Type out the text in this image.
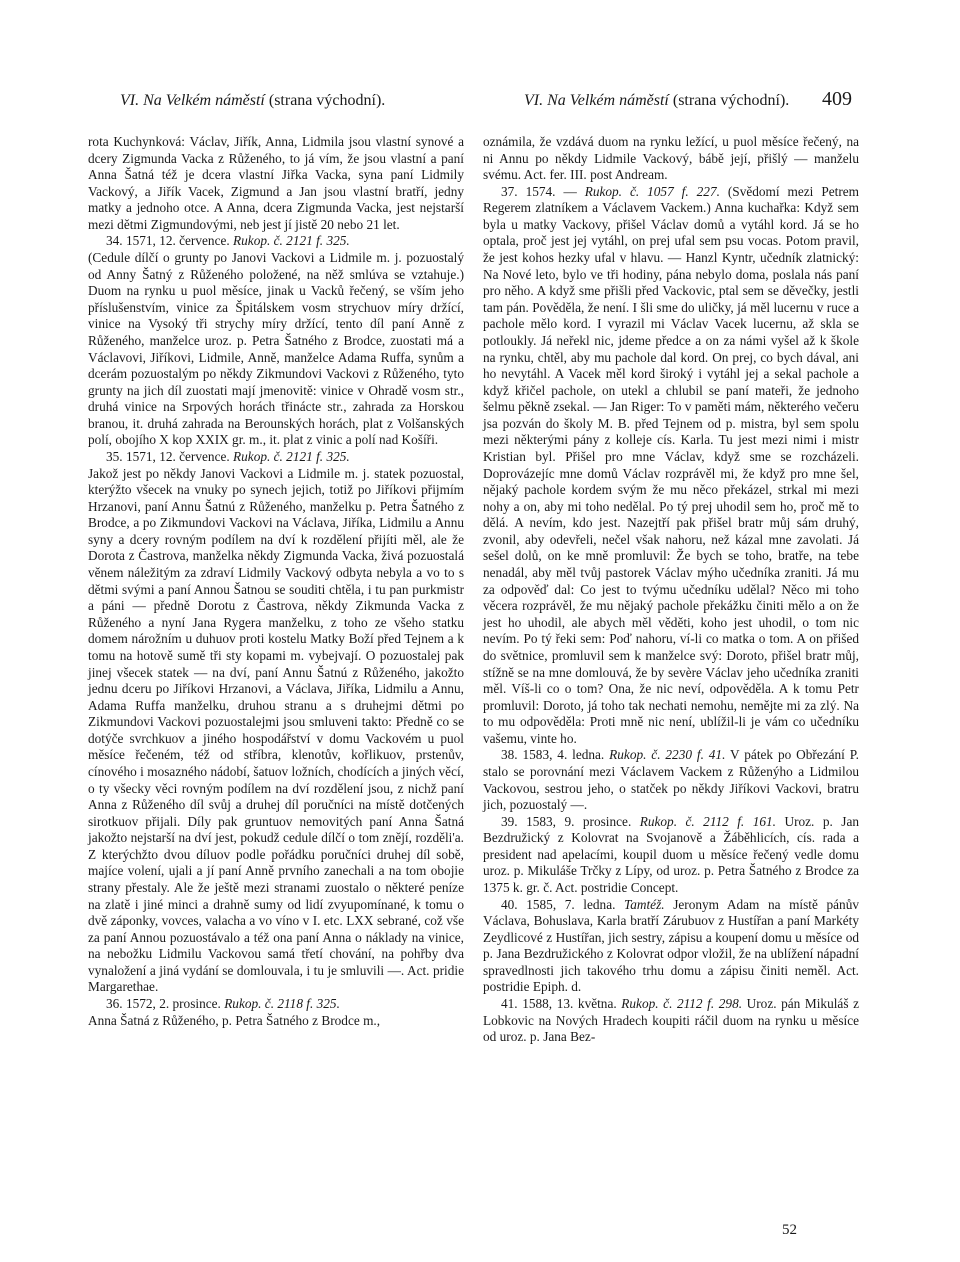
VI. Na Velkém náměstí (strana východní).	VI. Na Velkém náměstí (strana východní). 409

rota Kuchynková: Václav, Jiřík, Anna, Lidmila jsou vlastní synové a dcery Zigmunda Vacka z Růženého, to já vím, že jsou vlastní a paní Anna Šatná též je dcera vlastní Jiřka Vacka, syna paní Lidmily Vackový, a Jiřík Vacek, Zigmund a Jan jsou vlastní bratří, jedny matky a jednoho otce. A Anna, dcera Zigmunda Vacka, jest nejstarší mezi dětmi Zigmundovými, neb jest jí jistě 20 nebo 21 let.

34. 1571, 12. července. Rukop. č. 2121 f. 325.
(Cedule dílčí o grunty po Janovi Vackovi a Lidmile m. j. pozuostalý od Anny Šatný z Růženého položené, na něž smlúva se vztahuje.) Duom na rynku u puol měsíce, jinak u Vacků řečený, se vším jeho příslušenstvím, vinice za Špitálskem vosm strychuov míry držící, vinice na Vysoký tři strychy míry držící, tento díl paní Anně z Růženého, manželce uroz. p. Petra Šatného z Brodce, zuostati má a Václavovi, Jiříkovi, Lidmile, Anně, manželce Adama Ruffa, synům a dcerám pozuostalým po někdy Zikmundovi Vackovi z Růženého, tyto grunty na jich díl zuostati mají jmenovitě: vinice v Ohradě vosm str., druhá vinice na Srpových horách třinácte str., zahrada za Horskou branou, it. druhá zahrada na Berounských horách, plat z Volšanských polí, obojího X kop XXIX gr. m., it. plat z vinic a polí nad Košíři.

35. 1571, 12. července. Rukop. č. 2121 f. 325.
Jakož jest po někdy Janovi Vackovi a Lidmile m. j. statek pozuostal, kterýžto všecek na vnuky po synech jejich, totiž po Jiříkovi přijmím Hrzanovi, paní Annu Šatnú z Růženého, manželku p. Petra Šatného z Brodce, a po Zikmundovi Vackovi na Václava, Jiříka, Lidmilu a Annu syny a dcery rovným podílem na dví k rozdělení přijíti měl, ale že Dorota z Častrova, manželka někdy Zigmunda Vacka, živá pozuostalá věnem náležitým za zdraví Lidmily Vackový odbyta nebyla a vo to s dětmi svými a paní Annou Šatnou se souditi chtěla, i tu pan purkmistr a páni — předně Dorotu z Častrova, někdy Zikmunda Vacka z Růženého a nyní Jana Rygera manželku, z toho ze všeho statku domem nárožním u duhuov proti kostelu Matky Boží před Tejnem a k tomu na hotově sumě tři sty kopami m. vybejvají. O pozuostalej pak jinej všecek statek — na dví, paní Annu Šatnú z Růženého, jakožto jednu dceru po Jiříkovi Hrzanovi, a Václava, Jiříka, Lidmilu a Annu, Adama Ruffa manželku, druhou stranu a s druhejmi dětmi po Zikmundovi Vackovi pozuostalejmi jsou smluveni takto: Předně co se dotýče svrchkuov a jiného hospodářství v domu Vackovém u puol měsíce řečeném, též od stříbra, klenotův, kořlikuov, prstenův, cínového i mosazného nádobí, šatuov ložních, chodících a jiných věcí, o ty všecky věci rovným podílem na dví rozdělení jsou, z nichž paní Anna z Růženého díl svůj a druhej díl poručníci na místě dotčených sirotkuov přijali. Díly pak gruntuov nemovitých paní Anna Šatná jakožto nejstarší na dví jest, pokudž cedule dílčí o tom znějí, rozděli'a. Z kterýchžto dvou díluov podle pořádku poručníci druhej díl sobě, majíce volení, ujali a jí paní Anně prvního zanechali a na tom obojie strany přestaly. Ale že ještě mezi stranami zuostalo o některé peníze na zlatě i jiné minci a drahně sumy od lidí zvyupomínané, k tomu o dvě záponky, vovces, valacha a vo víno v I. etc. LXX sebrané, což vše za paní Annou pozuostávalo a též ona paní Anna o náklady na vinice, na nebožku Lidmilu Vackovou samá třetí chování, na pohřby dva vynaložení a jiná vydání se domlouvala, i tu je smluvili —. Act. pridie Margarethae.

36. 1572, 2. prosince. Rukop. č. 2118 f. 325.
Anna Šatná z Růženého, p. Petra Šatného z Brodce m.,

oznámila, že vzdává duom na rynku ležící, u puol měsíce řečený, na ni Annu po někdy Lidmile Vackový, bábě její, přišlý — manželu svému. Act. fer. III. post Andream.

37. 1574. — Rukop. č. 1057 f. 227. (Svědomí mezi Petrem Regerem zlatníkem a Václavem Vackem.) Anna kuchařka: Když sem byla u matky Vackovy, přišel Václav domů a vytáhl kord. Já se ho optala, proč jest jej vytáhl, on prej ufal sem psu vocas. Potom pravil, že jest kohos hezky ufal v hlavu. — Hanzl Kyntr, učedník zlatnický: Na Nové leto, bylo ve tři hodiny, pána nebylo doma, poslala nás paní pro něho. A když sme přišli před Vackovic, ptal sem se děvečky, jestli tam pán. Pověděla, že není. I šli sme do uličky, já měl lucernu v ruce a pachole mělo kord. I vyrazil mi Václav Vacek lucernu, až skla se potloukly. Já neřekl nic, jdeme předce a on za námi vyšel až k škole na rynku, chtěl, aby mu pachole dal kord. On prej, co bych dával, ani ho nevytáhl. A Vacek měl kord široký i vytáhl jej a sekal pachole a když křičel pachole, on utekl a chlubil se paní mateři, že jednoho šelmu pěkně zsekal. — Jan Riger: To v paměti mám, některého večeru jsa pozván do školy M. B. před Tejnem od p. mistra, byl sem spolu mezi některými pány z kolleje cís. Karla. Tu jest mezi nimi i mistr Kristian byl. Přišel pro mne Václav, když sme se rozcházeli. Doprovázejíc mne domů Václav rozprávěl mi, že když pro mne šel, nějaký pachole kordem svým že mu něco překázel, strkal mi mezi nohy a on, aby mi toho nedělal. Po tý prej uhodil sem ho, proč mě to dělá. A nevím, kdo jest. Nazejtří pak přišel bratr můj sám druhý, zvonil, aby odevřeli, nečel však nahoru, než kázal mne zavolati. Já sešel dolů, on ke mně promluvil: Že bych se toho, bratře, na tebe nenadál, aby měl tvůj pastorek Václav mýho učedníka zraniti. Já mu za odpověď dal: Co jest to tvýmu učedníku udělal? Něco mi toho věcera rozprávěl, že mu nějaký pachole překážku činiti mělo a on že jest ho uhodil, ale abych měl věděti, koho jest uhodil, o tom nic nevím. Po tý řeki sem: Poď nahoru, ví-li co matka o tom. A on přišed do světnice, promluvil sem k manželce svý: Doroto, přišel bratr můj, stížně se na mne domlouvá, že by sevère Václav jeho učedníka zraniti měl. Víš-li co o tom? Ona, že nic neví, odpověděla. A k tomu Petr promluvil: Doroto, já toho tak nechati nemohu, nemějte mi za zlý. Na to mu odpověděla: Proti mně nic není, ublížil-li je vám co učedníku vašemu, vinte ho.

38. 1583, 4. ledna. Rukop. č. 2230 f. 41. V pátek po Obřezání P. stalo se porovnání mezi Václavem Vackem z Růženýho a Lidmilou Vackovou, sestrou jeho, o statček po někdy Jiříkovi Vackovi, bratru jich, pozuostalý —.

39. 1583, 9. prosince. Rukop. č. 2112 f. 161. Uroz. p. Jan Bezdružický z Kolovrat na Svojanově a Žáběhlicích, cís. rada a president nad apelacími, koupil duom u měsíce řečený vedle domu uroz. p. Mikuláše Trčky z Lípy, od uroz. p. Petra Šatného z Brodce za 1375 k. gr. č. Act. postridie Concept.

40. 1585, 7. ledna. Tamtéž. Jeronym Adam na místě pánův Václava, Bohuslava, Karla bratří Zárubuov z Hustířan a paní Markéty Zeydlicové z Hustířan, jich sestry, zápisu a koupení domu u měsíce od p. Jana Bezdružického z Kolovrat odpor vložil, že na ublížení nápadní spravedlnosti jich takového trhu domu a zápisu činiti neměl. Act. postridie Epiph. d.

41. 1588, 13. května. Rukop. č. 2112 f. 298. Uroz. pán Mikuláš z Lobkovic na Nových Hradech koupiti ráčil duom na rynku u měsíce od uroz. p. Jana Bez-

52
